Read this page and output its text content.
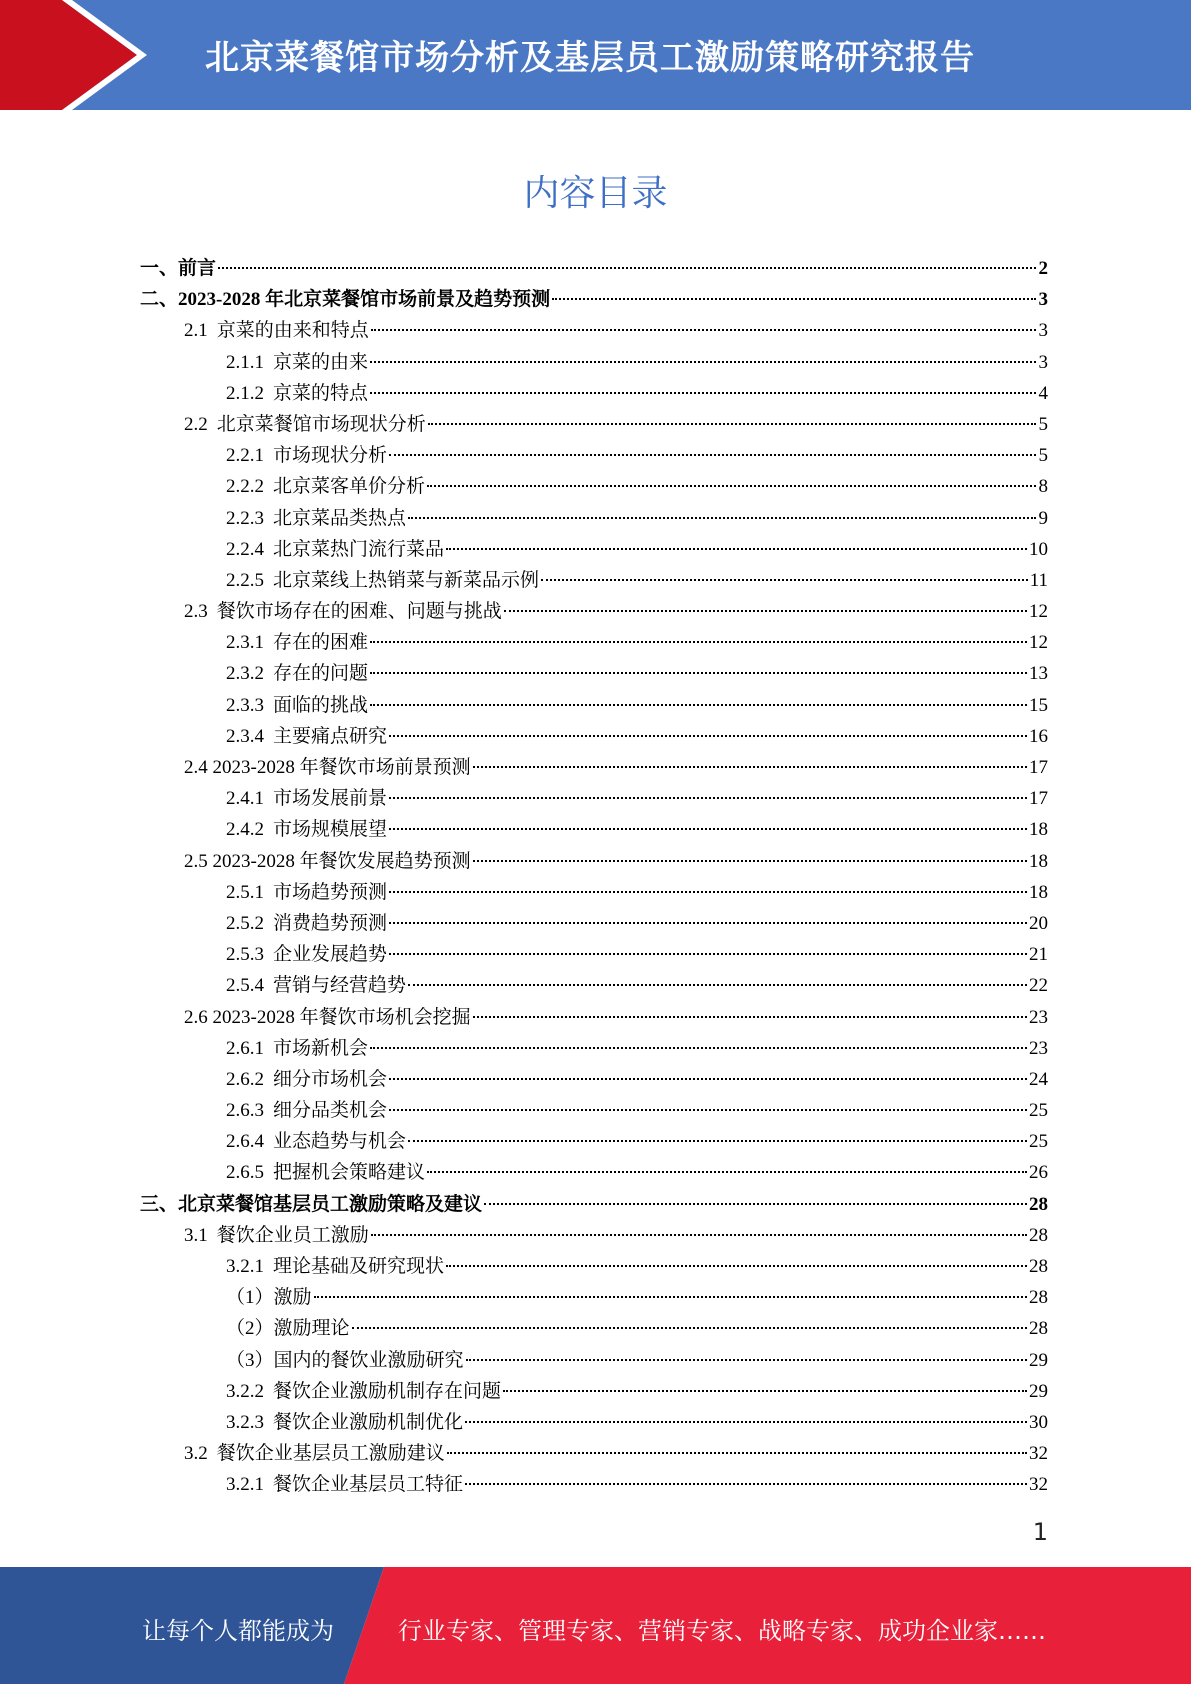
北京菜餐馆市场分析及基层员工激励策略研究报告
内容目录
一、前言	2
二、2023-2028 年北京菜餐馆市场前景及趋势预测	3
2.1 京菜的由来和特点	3
2.1.1 京菜的由来	3
2.1.2 京菜的特点	4
2.2 北京菜餐馆市场现状分析	5
2.2.1 市场现状分析	5
2.2.2 北京菜客单价分析	8
2.2.3 北京菜品类热点	9
2.2.4 北京菜热门流行菜品	10
2.2.5 北京菜线上热销菜与新菜品示例	11
2.3 餐饮市场存在的困难、问题与挑战	12
2.3.1 存在的困难	12
2.3.2 存在的问题	13
2.3.3 面临的挑战	15
2.3.4 主要痛点研究	16
2.4 2023-2028 年餐饮市场前景预测	17
2.4.1 市场发展前景	17
2.4.2 市场规模展望	18
2.5 2023-2028 年餐饮发展趋势预测	18
2.5.1 市场趋势预测	18
2.5.2 消费趋势预测	20
2.5.3 企业发展趋势	21
2.5.4 营销与经营趋势	22
2.6 2023-2028 年餐饮市场机会挖掘	23
2.6.1 市场新机会	23
2.6.2 细分市场机会	24
2.6.3 细分品类机会	25
2.6.4 业态趋势与机会	25
2.6.5 把握机会策略建议	26
三、北京菜餐馆基层员工激励策略及建议	28
3.1 餐饮企业员工激励	28
3.2.1 理论基础及研究现状	28
（1）激励	28
（2）激励理论	28
（3）国内的餐饮业激励研究	29
3.2.2 餐饮企业激励机制存在问题	29
3.2.3 餐饮企业激励机制优化	30
3.2 餐饮企业基层员工激励建议	32
3.2.1 餐饮企业基层员工特征	32
1
让每个人都能成为	行业专家、管理专家、营销专家、战略专家、成功企业家……
